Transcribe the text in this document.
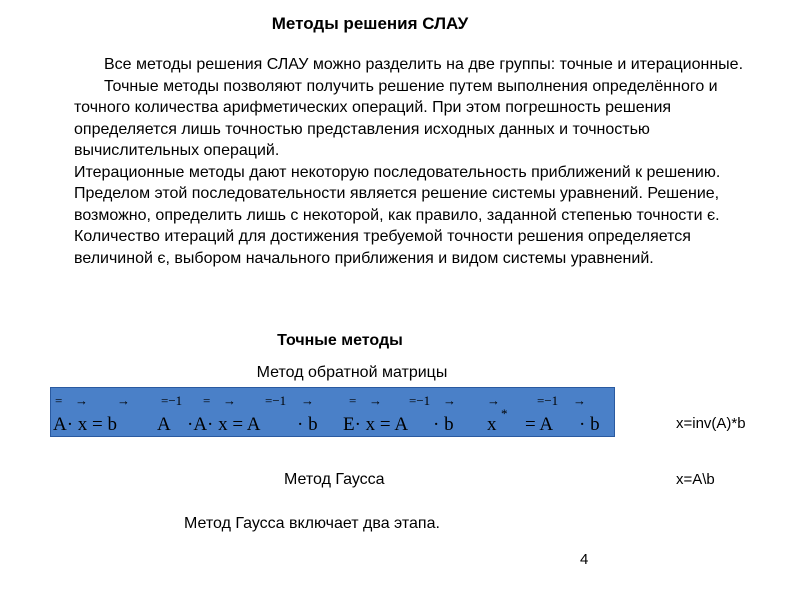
Методы решения СЛАУ

Все методы решения СЛАУ можно разделить на две группы: точные и итерационные.

Точные методы позволяют получить решение путем выполнения определённого и точного количества арифметических операций. При этом погрешность решения определяется лишь точностью представления исходных данных и точностью вычислительных операций.

Итерационные методы дают некоторую последовательность приближений к решению. Пределом этой последовательности является решение системы уравнений. Решение, возможно, определить лишь с некоторой, как правило, заданной степенью точности є. Количество итераций для достижения требуемой точности решения определяется величиной є, выбором начального приближения и видом системы уравнений.

Точные методы
Метод обратной матрицы
= → → =−1 = → =−1 →	= → =−1 → →	=−1 →
A· x = b A ·A· x = A · b E· x = A · b x = A · b
*
x=inv(A)*b
Метод Гаусса	x=A\b
Метод Гаусса включает два этапа.
4
